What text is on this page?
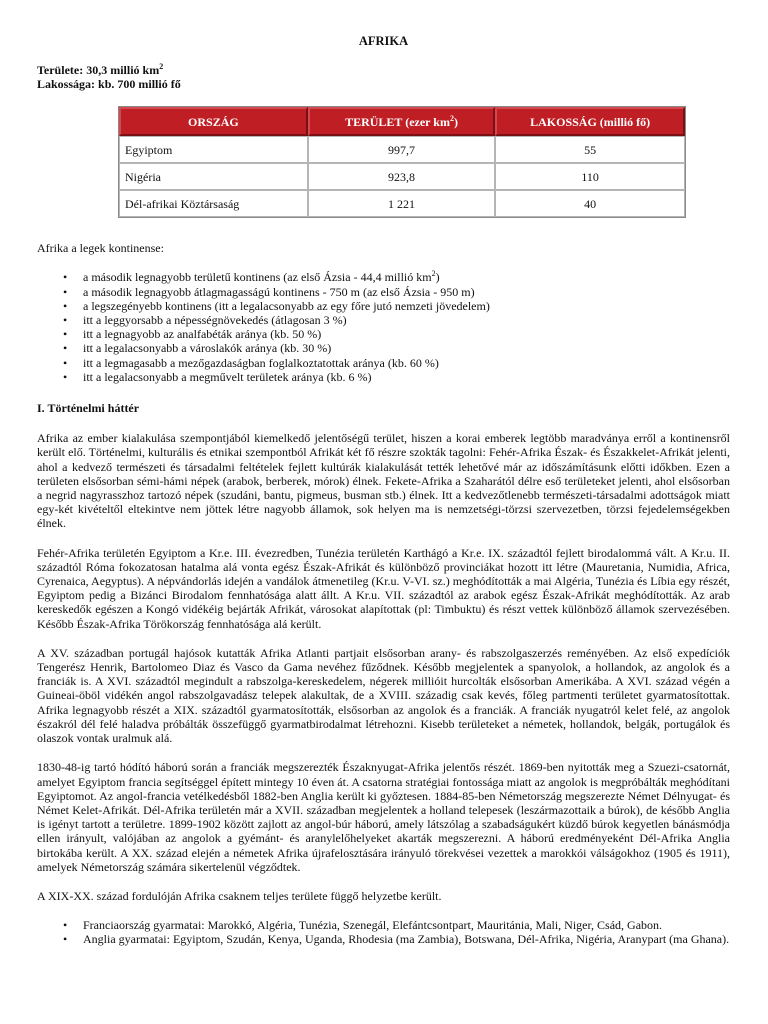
AFRIKA
Területe: 30,3 millió $km^2$
Lakossága: kb. 700 millió fő
ORSZÁG	TERÜLET (ezer $km^2$)	LAKOSSÁG (millió fő)
Egyiptom	997,7	55
Nigéria	923,8	110
Dél-afrikai Köztársaság	1 221	40

Afrika a legek kontinense:

• a második legnagyobb területű kontinens (az első Ázsia - 44,4 millió $km^2$)
• a második legnagyobb átlagmagasságú kontinens - 750 m (az első Ázsia - 950 m)
• a legszegényebb kontinens (itt a legalacsonyabb az egy főre jutó nemzeti jövedelem)
• itt a leggyorsabb a népességnövekedés (átlagosan 3 %)
• itt a legnagyobb az analfabéták aránya (kb. 50 %)
• itt a legalacsonyabb a városlakók aránya (kb. 30 %)
• itt a legmagasabb a mezőgazdaságban foglalkoztatottak aránya (kb. 60 %)
• itt a legalacsonyabb a megművelt területek aránya (kb. 6 %)
I. Történelmi háttér

Afrika az ember kialakulása szempontjából kiemelkedő jelentőségű terület, hiszen a korai emberek legtöbb maradványa erről a kontinensről került elő. Történelmi, kulturális és etnikai szempontból Afrikát két fő részre szokták tagolni: Fehér-Afrika Észak- és Északkelet-Afrikát jelenti, ahol a kedvező természeti és társadalmi feltételek fejlett kultúrák kialakulását tették lehetővé már az időszámításunk előtti időkben. Ezen a területen elsősorban sémi-hámi népek (arabok, berberek, mórok) élnek. Fekete-Afrika a Szaharától délre eső területeket jelenti, ahol elsősorban a negrid nagyrasszhoz tartozó népek (szudáni, bantu, pigmeus, busman stb.) élnek. Itt a kedvezőtlenebb természeti-társadalmi adottságok miatt egy-két kivételtől eltekintve nem jöttek létre nagyobb államok, sok helyen ma is nemzetségi-törzsi szervezetben, törzsi fejedelemségekben élnek.

Fehér-Afrika területén Egyiptom a Kr.e. III. évezredben, Tunézia területén Karthágó a Kr.e. IX. századtól fejlett birodalommá vált. A Kr.u. II. századtól Róma fokozatosan hatalma alá vonta egész Észak-Afrikát és különböző provinciákat hozott itt létre (Mauretania, Numidia, Africa, Cyrenaica, Aegyptus). A népvándorlás idején a vandálok átmenetileg (Kr.u. V-VI. sz.) meghódították a mai Algéria, Tunézia és Líbia egy részét, Egyiptom pedig a Bizánci Birodalom fennhatósága alatt állt. A Kr.u. VII. századtól az arabok egész Észak-Afrikát meghódították. Az arab kereskedők egészen a Kongó vidékéig bejárták Afrikát, városokat alapítottak (pl: Timbuktu) és részt vettek különböző államok szervezésében. Később Észak-Afrika Törökország fennhatósága alá került.

A XV. században portugál hajósok kutatták Afrika Atlanti partjait elsősorban arany- és rabszolgaszerzés reményében. Az első expedíciók Tengerész Henrik, Bartolomeo Diaz és Vasco da Gama nevéhez fűződnek. Később megjelentek a spanyolok, a hollandok, az angolok és a franciák is. A XVI. századtól megindult a rabszolga-kereskedelem, négerek millióit hurcolták elsősorban Amerikába. A XVI. század végén a Guineai-öböl vidékén angol rabszolgavadász telepek alakultak, de a XVIII. századig csak kevés, főleg partmenti területet gyarmatosítottak. Afrika legnagyobb részét a XIX. századtól gyarmatosították, elsősorban az angolok és a franciák. A franciák nyugatról kelet felé, az angolok északról dél felé haladva próbálták összefüggő gyarmatbirodalmat létrehozni. Kisebb területeket a németek, hollandok, belgák, portugálok és olaszok vontak uralmuk alá.

1830-48-ig tartó hódító háború során a franciák megszerezték Északnyugat-Afrika jelentős részét. 1869-ben nyitották meg a Szuezi-csatornát, amelyet Egyiptom francia segítséggel épített mintegy 10 éven át. A csatorna stratégiai fontossága miatt az angolok is megpróbálták meghódítani Egyiptomot. Az angol-francia vetélkedésből 1882-ben Anglia került ki győztesen. 1884-85-ben Németország megszerezte Német Délnyugat- és Német Kelet-Afrikát. Dél-Afrika területén már a XVII. században megjelentek a holland telepesek (leszármazottaik a búrok), de később Anglia is igényt tartott a területre. 1899-1902 között zajlott az angol-búr háború, amely látszólag a szabadságukért küzdő búrok kegyetlen bánásmódja ellen irányult, valójában az angolok a gyémánt- és aranylelőhelyeket akarták megszerezni. A háború eredményeként Dél-Afrika Anglia birtokába került. A XX. század elején a németek Afrika újrafelosztására irányuló törekvései vezettek a marokkói válságokhoz (1905 és 1911), amelyek Németország számára sikertelenül végződtek.

A XIX-XX. század fordulóján Afrika csaknem teljes területe függő helyzetbe került.

• Franciaország gyarmatai: Marokkó, Algéria, Tunézia, Szenegál, Elefántcsontpart, Mauritánia, Mali, Niger, Csád, Gabon.
• Anglia gyarmatai: Egyiptom, Szudán, Kenya, Uganda, Rhodesia (ma Zambia), Botswana, Dél-Afrika, Nigéria, Aranypart (ma Ghana).
